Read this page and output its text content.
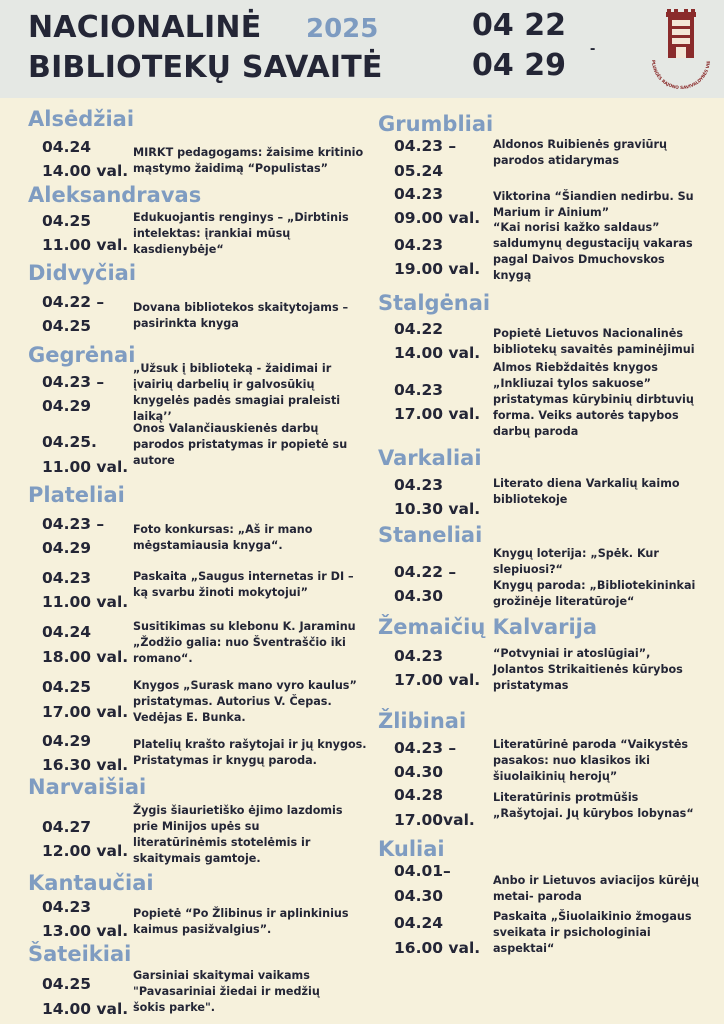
NACIONALINĖ
BIBLIOTEKŲ SAVAITĖ
2025	04 22
04 29 -
PLUNGĖS RAJONO SAVIVALDYBĖS VIE
Alsėdžiai
04.24
14.00 val.
MIRKT pedagogams: žaisime kritinio
mąstymo žaidimą “Populistas”
Aleksandravas
04.25
11.00 val.
Edukuojantis renginys – „Dirbtinis
intelektas: įrankiai mūsų
kasdienybėje“
Didvyčiai
04.22 –
04.25
Dovana bibliotekos skaitytojams –
pasirinkta knyga
Gegrėnai
04.23 –
04.29
„Užsuk į biblioteką - žaidimai ir
įvairių darbelių ir galvosūkių
knygelės padės smagiai praleisti
laiką’’
04.25.
11.00 val.
Onos Valančiauskienės darbų
parodos pristatymas ir popietė su
autore
Plateliai
04.23 –
04.29
Foto konkursas: „Aš ir mano
mėgstamiausia knyga“.
04.23
11.00 val.
Paskaita „Saugus internetas ir DI –
ką svarbu žinoti mokytojui”
04.24
18.00 val.
Susitikimas su klebonu K. Jaraminu
„Žodžio galia: nuo Šventraščio iki
romano“.
04.25
17.00 val.
Knygos „Surask mano vyro kaulus”
pristatymas. Autorius V. Čepas.
Vedėjas E. Bunka.
04.29
16.30 val.
Platelių krašto rašytojai ir jų knygos.
Pristatymas ir knygų paroda.
Narvaišiai
04.27
12.00 val.
Žygis šiaurietiško ėjimo lazdomis
prie Minijos upės su
literatūrinėmis stotelėmis ir
skaitymais gamtoje.
Kantaučiai
04.23
13.00 val.
Popietė “Po Žlibinus ir aplinkinius
kaimus pasižvalgius”.
Šateikiai
04.25
14.00 val.
Garsiniai skaitymai vaikams
"Pavasariniai žiedai ir medžių
šokis parke".
Grumbliai
04.23 –
05.24
Aldonos Ruibienės graviūrų
parodos atidarymas
04.23
09.00 val.
Viktorina “Šiandien nedirbu. Su
Marium ir Ainium”
04.23
19.00 val.
“Kai norisi kažko saldaus”
saldumynų degustacijų vakaras
pagal Daivos Dmuchovskos
knygą
Stalgėnai
04.22
14.00 val.
Popietė Lietuvos Nacionalinės
bibliotekų savaitės paminėjimui
04.23
17.00 val.
Almos Riebždaitės knygos
„Inkliuzai tylos sakuose”
pristatymas kūrybinių dirbtuvių
forma. Veiks autorės tapybos
darbų paroda
Varkaliai
04.23
10.30 val.
Literato diena Varkalių kaimo
bibliotekoje
Staneliai
04.22 –
04.30
Knygų loterija: „Spėk. Kur
slepiuosi?“
Knygų paroda: „Bibliotekininkai
grožinėje literatūroje“
Žemaičių Kalvarija
04.23
17.00 val.
“Potvyniai ir atoslūgiai”,
Jolantos Strikaitienės kūrybos
pristatymas
Žlibinai
04.23 –
04.30
Literatūrinė paroda “Vaikystės
pasakos: nuo klasikos iki
šiuolaikinių herojų”
04.28
17.00val.
Literatūrinis protmūšis
„Rašytojai. Jų kūrybos lobynas“
Kuliai
04.01–
04.30
Anbo ir Lietuvos aviacijos kūrėjų
metai- paroda
04.24
16.00 val.
Paskaita „Šiuolaikinio žmogaus
sveikata ir psichologiniai
aspektai“
